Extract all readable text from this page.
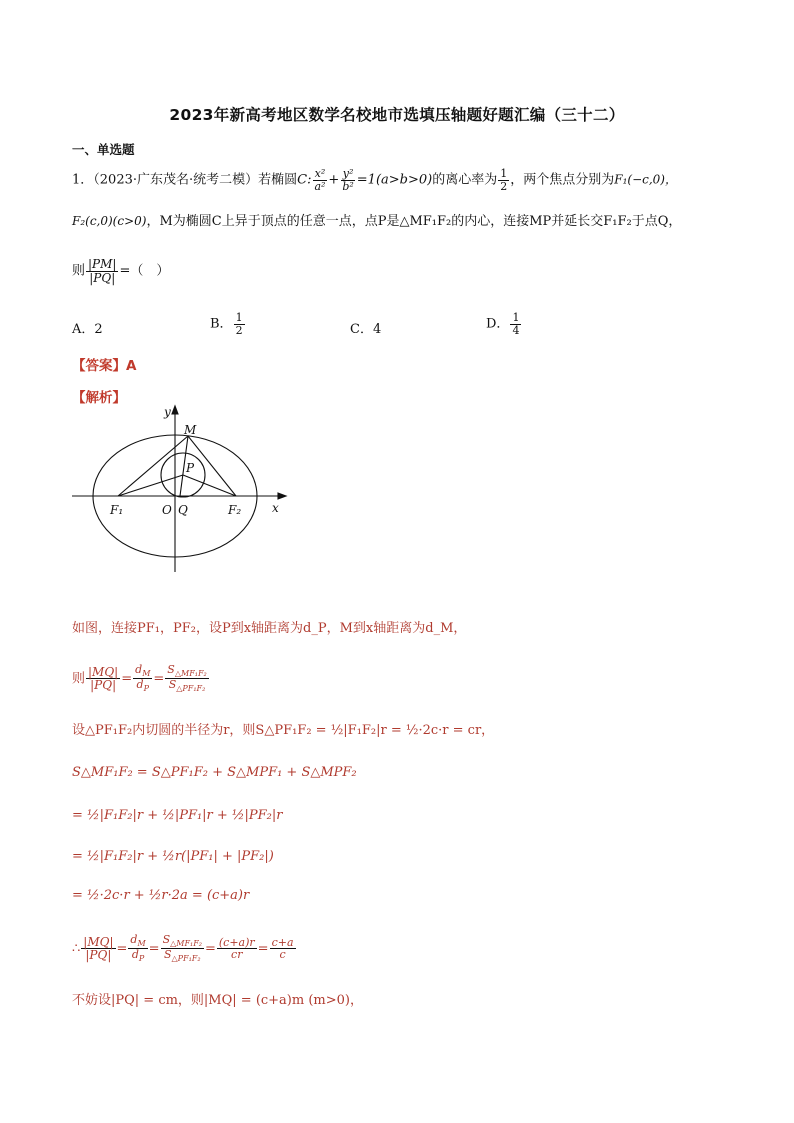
2023年新高考地区数学名校地市选填压轴题好题汇编（三十二）
一、单选题
1．（2023·广东茂名·统考二模）若椭圆C: $\frac{\text{x²}}{\text{a²}} + \frac{\text{y²}}{\text{b²}} =1(a>b>0)$的离心率为 $\frac{1}{2}$ ，两个焦点分别为F₁(−c,0)，
F₂(c,0)(c>0)，M为椭圆C上异于顶点的任意一点，点P是△MF₁F₂的内心，连接MP并延长交F₁F₂于点Q，
则 $\frac{|PM|}{|PQ|}$ =（　）
A．2	B． $\frac{1}{2}$	C．4	D． $\frac{1}{4}$
【答案】A
【解析】
y
x
M
P
F₁	O Q	F₂
如图，连接PF₁，PF₂，设P到x轴距离为d_P，M到x轴距离为d_M，
则 $\frac{|MQ|}{|PQ|} = \frac{d_M}{d_P} = \frac{S_{\triangle MF_1F_2}}{S_{\triangle PF_1F_2}}$
设△PF₁F₂内切圆的半径为r，则S△PF₁F₂ = ½|F₁F₂|r = ½·2c·r = cr，
S△MF₁F₂ = S△PF₁F₂ + S△MPF₁ + S△MPF₂
= ½|F₁F₂|r + ½|PF₁|r + ½|PF₂|r
= ½|F₁F₂|r + ½r(|PF₁| + |PF₂|)
= ½·2c·r + ½r·2a = (c+a)r
∴ $\frac{|MQ|}{|PQ|} = \frac{d_M}{d_P} = \frac{S_{\triangle MF_1F_2}}{S_{\triangle PF_1F_2}} = \frac{(c+a)r}{cr} = \frac{c+a}{c}$
不妨设|PQ| = cm，则|MQ| = (c+a)m (m>0)，
